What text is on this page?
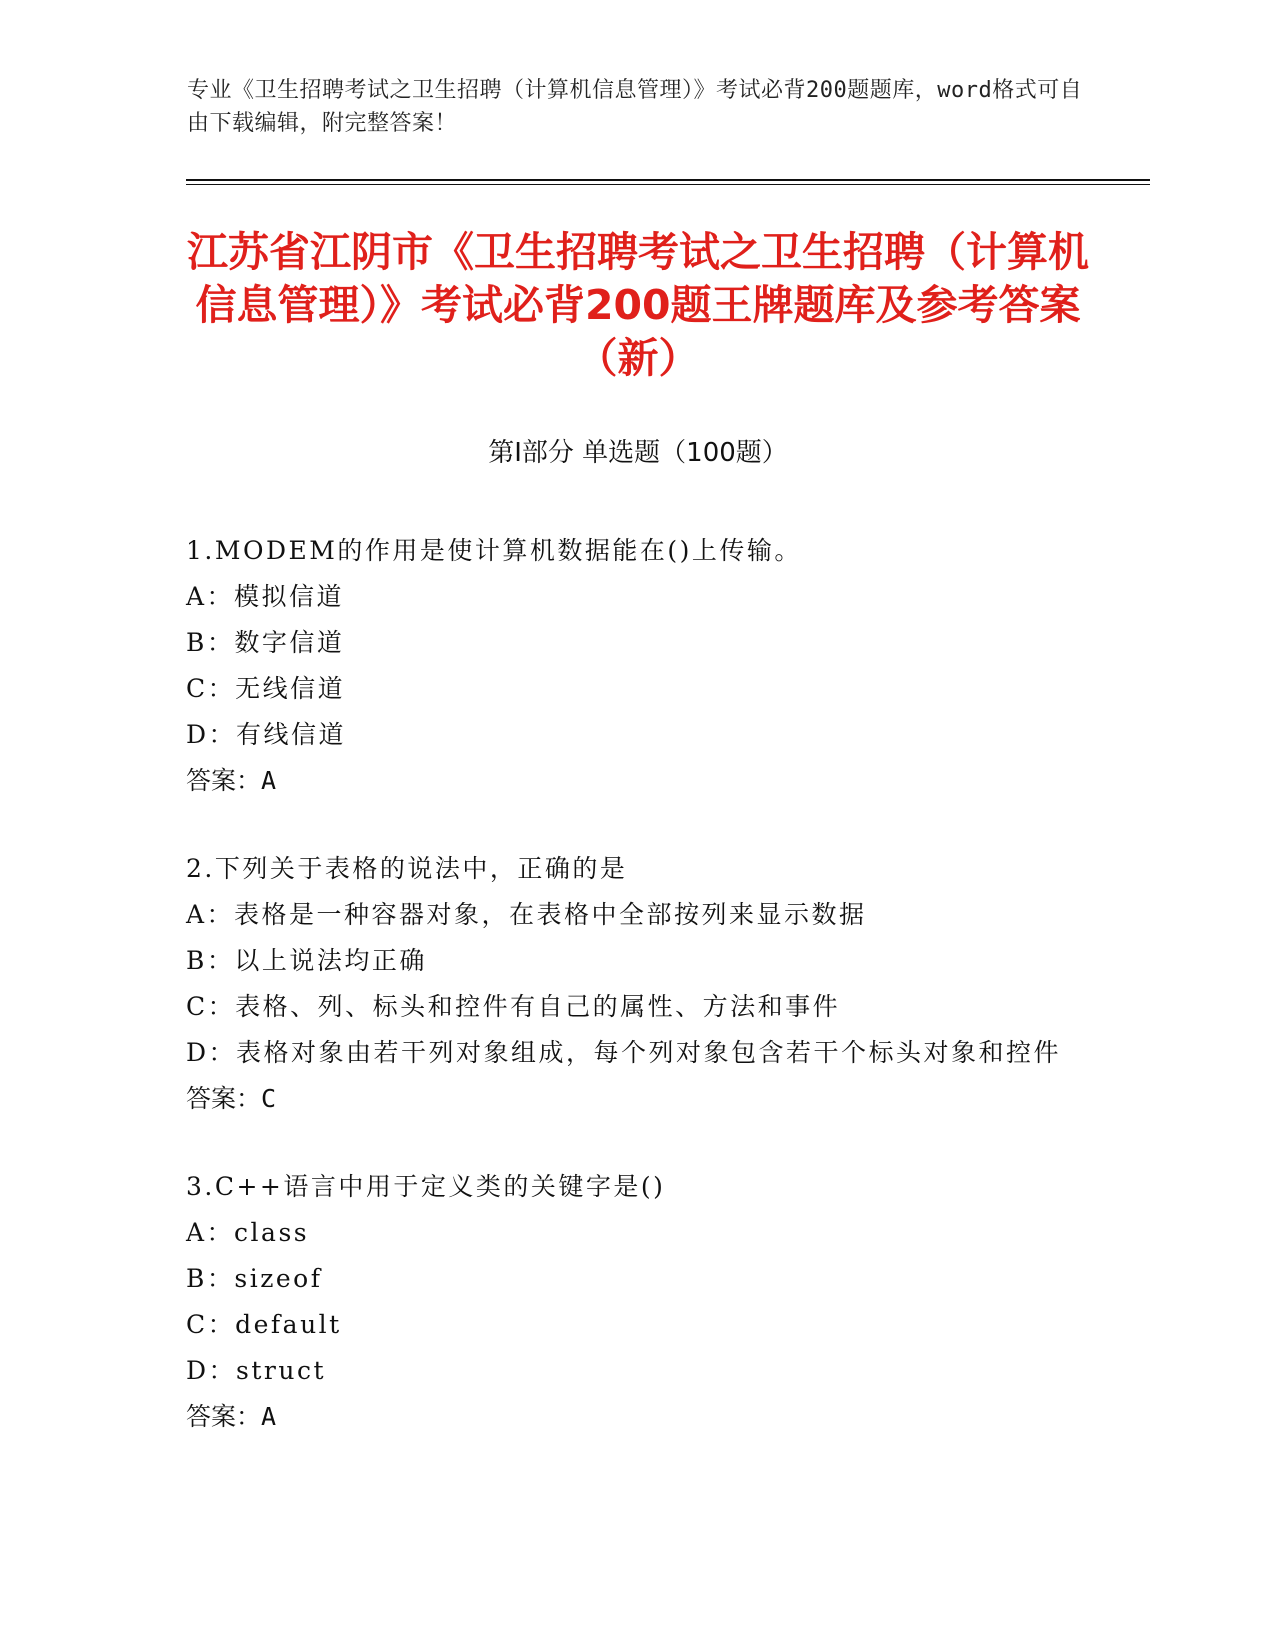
专业《卫生招聘考试之卫生招聘（计算机信息管理）》考试必背200题题库，word格式可自由下载编辑，附完整答案！
江苏省江阴市《卫生招聘考试之卫生招聘（计算机信息管理）》考试必背200题王牌题库及参考答案（新）
第Ⅰ部分 单选题（100题）
1.MODEM的作用是使计算机数据能在()上传输。
A：模拟信道
B：数字信道
C：无线信道
D：有线信道
答案：A
2.下列关于表格的说法中，正确的是
A：表格是一种容器对象，在表格中全部按列来显示数据
B：以上说法均正确
C：表格、列、标头和控件有自己的属性、方法和事件
D：表格对象由若干列对象组成，每个列对象包含若干个标头对象和控件
答案：C
3.C++语言中用于定义类的关键字是()
A：class
B：sizeof
C：default
D：struct
答案：A
